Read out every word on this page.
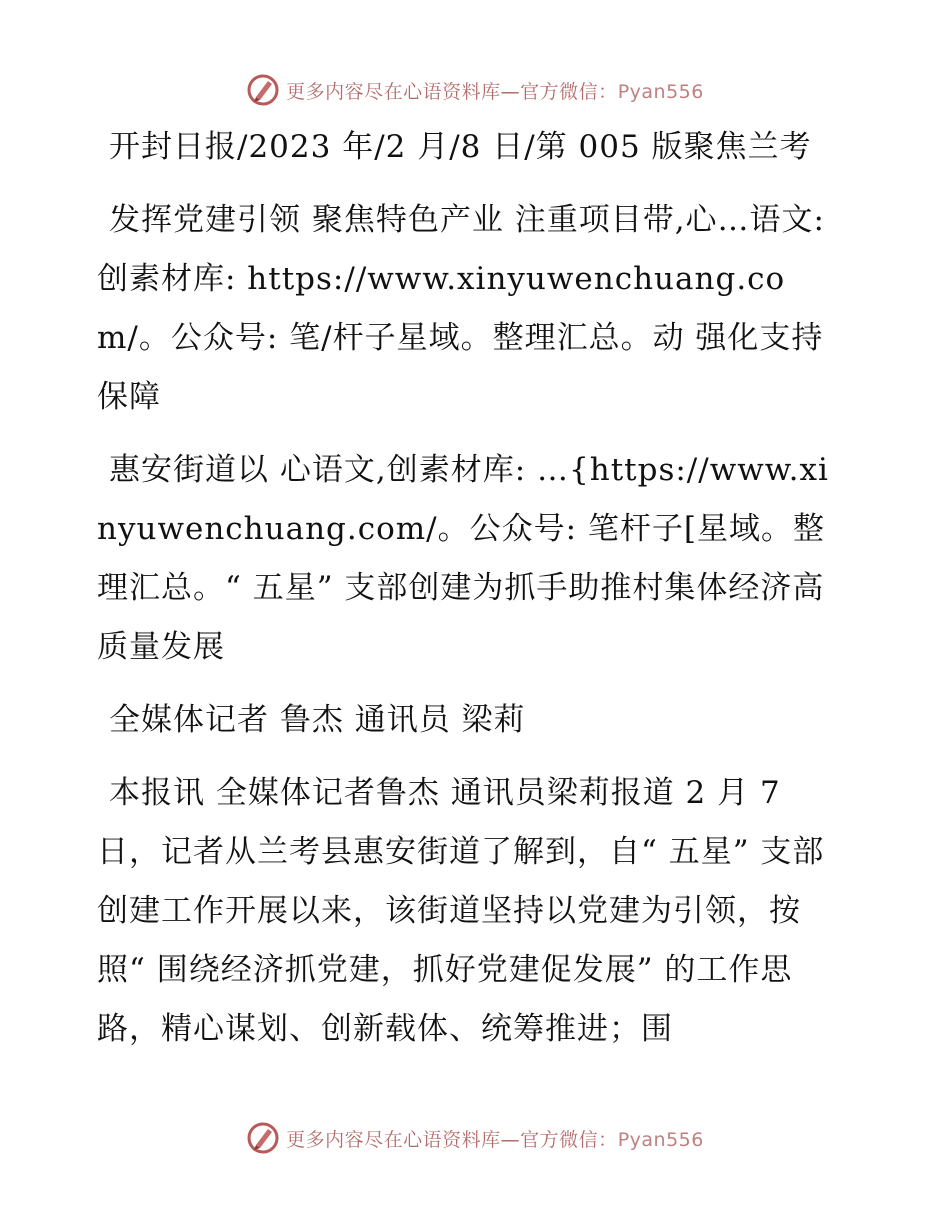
更多内容尽在心语资料库—官方微信：Pyan556

开封日报/2023 年/2 月/8 日/第 005 版聚焦兰考

发挥党建引领 聚焦特色产业 注重项目带,心…语文:创素材库: https://www.xinyuwenchuang.com/。公众号: 笔/杆子星域。整理汇总。动 强化支持保障

惠安街道以 心语文,创素材库: …{https://www.xinyuwenchuang.com/。公众号: 笔杆子[星域。整理汇总。“ 五星” 支部创建为抓手助推村集体经济高质量发展

全媒体记者 鲁杰 通讯员 梁莉

本报讯 全媒体记者鲁杰 通讯员梁莉报道 2 月 7 日，记者从兰考县惠安街道了解到，自“ 五星” 支部创建工作开展以来，该街道坚持以党建为引领，按照“ 围绕经济抓党建，抓好党建促发展” 的工作思路，精心谋划、创新载体、统筹推进；围

更多内容尽在心语资料库—官方微信：Pyan556
